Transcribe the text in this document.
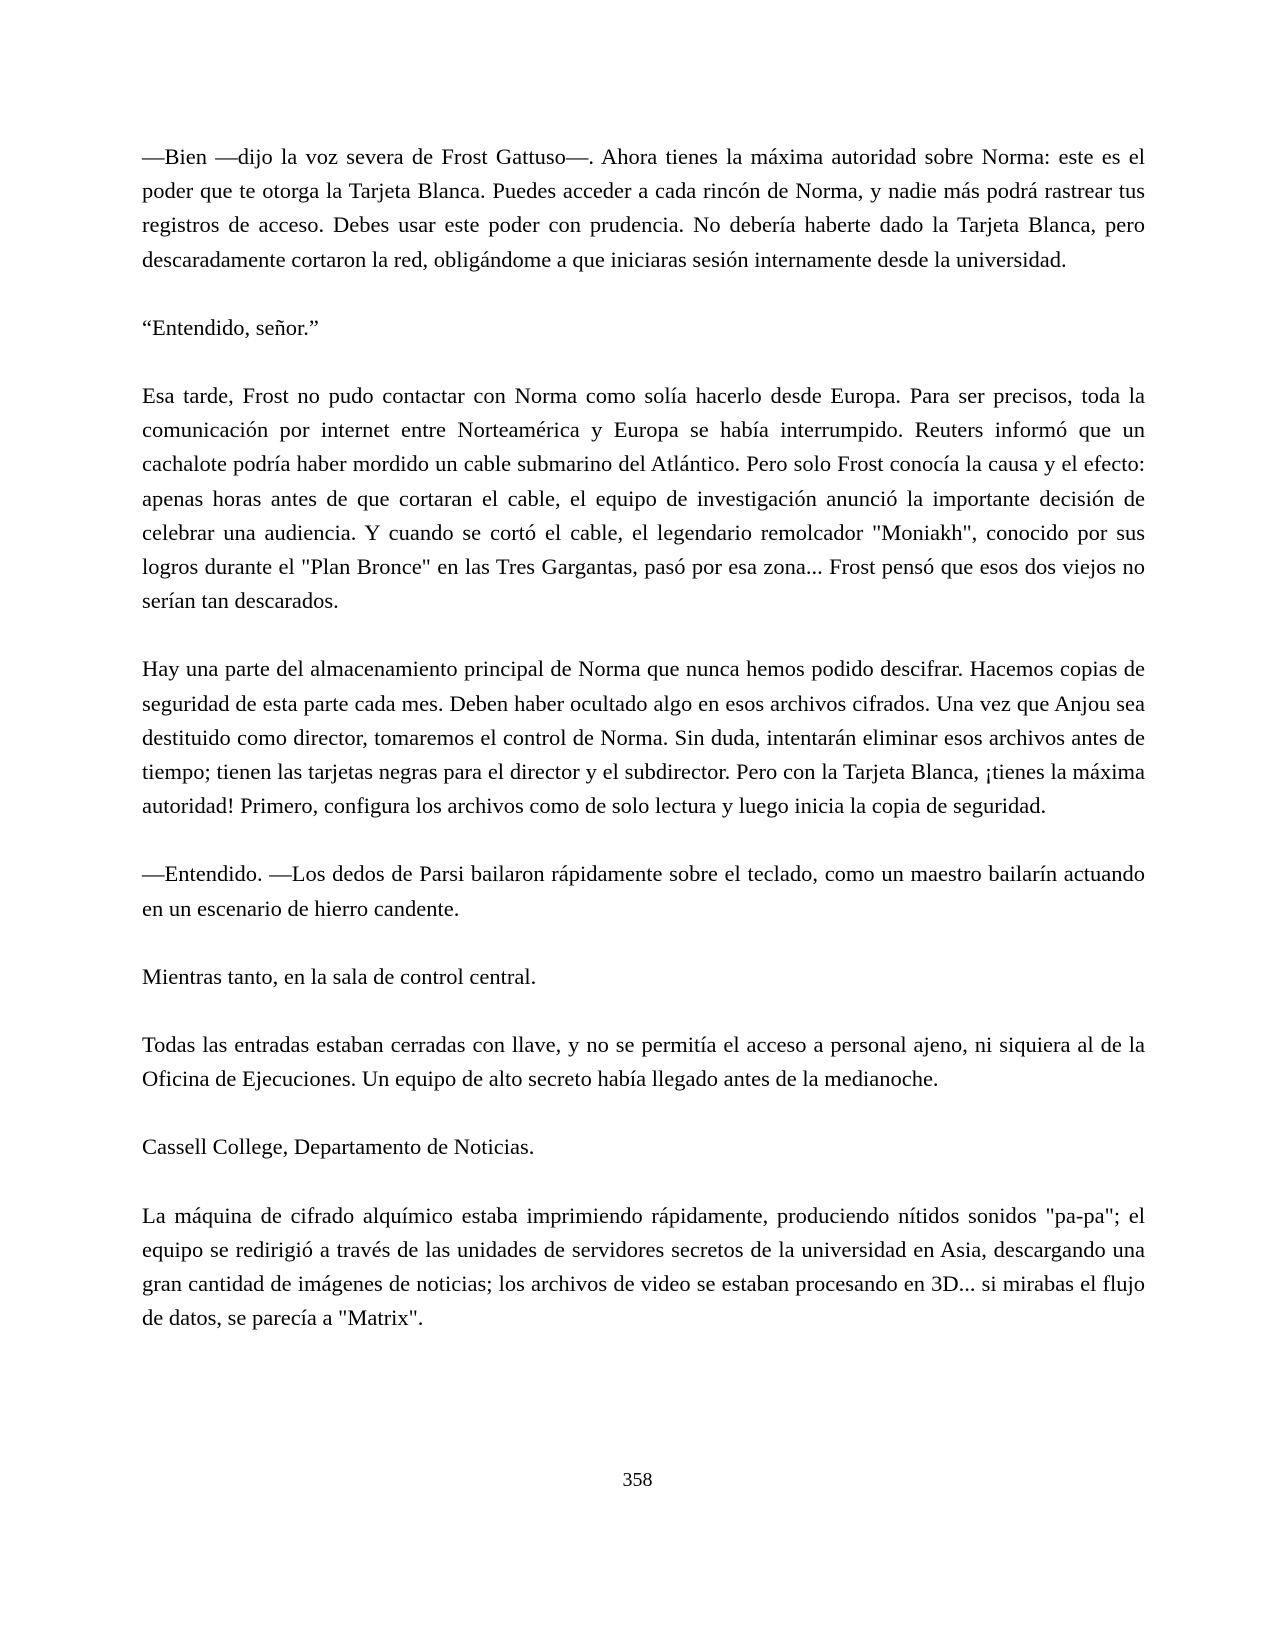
—Bien —dijo la voz severa de Frost Gattuso—. Ahora tienes la máxima autoridad sobre Norma: este es el poder que te otorga la Tarjeta Blanca. Puedes acceder a cada rincón de Norma, y nadie más podrá rastrear tus registros de acceso. Debes usar este poder con prudencia. No debería haberte dado la Tarjeta Blanca, pero descaradamente cortaron la red, obligándome a que iniciaras sesión internamente desde la universidad.

“Entendido, señor.”

Esa tarde, Frost no pudo contactar con Norma como solía hacerlo desde Europa. Para ser precisos, toda la comunicación por internet entre Norteamérica y Europa se había interrumpido. Reuters informó que un cachalote podría haber mordido un cable submarino del Atlántico. Pero solo Frost conocía la causa y el efecto: apenas horas antes de que cortaran el cable, el equipo de investigación anunció la importante decisión de celebrar una audiencia. Y cuando se cortó el cable, el legendario remolcador "Moniakh", conocido por sus logros durante el "Plan Bronce" en las Tres Gargantas, pasó por esa zona... Frost pensó que esos dos viejos no serían tan descarados.

Hay una parte del almacenamiento principal de Norma que nunca hemos podido descifrar. Hacemos copias de seguridad de esta parte cada mes. Deben haber ocultado algo en esos archivos cifrados. Una vez que Anjou sea destituido como director, tomaremos el control de Norma. Sin duda, intentarán eliminar esos archivos antes de tiempo; tienen las tarjetas negras para el director y el subdirector. Pero con la Tarjeta Blanca, ¡tienes la máxima autoridad! Primero, configura los archivos como de solo lectura y luego inicia la copia de seguridad.

—Entendido. —Los dedos de Parsi bailaron rápidamente sobre el teclado, como un maestro bailarín actuando en un escenario de hierro candente.

Mientras tanto, en la sala de control central.

Todas las entradas estaban cerradas con llave, y no se permitía el acceso a personal ajeno, ni siquiera al de la Oficina de Ejecuciones. Un equipo de alto secreto había llegado antes de la medianoche.

Cassell College, Departamento de Noticias.

La máquina de cifrado alquímico estaba imprimiendo rápidamente, produciendo nítidos sonidos "pa-pa"; el equipo se redirigió a través de las unidades de servidores secretos de la universidad en Asia, descargando una gran cantidad de imágenes de noticias; los archivos de video se estaban procesando en 3D... si mirabas el flujo de datos, se parecía a "Matrix".

358
